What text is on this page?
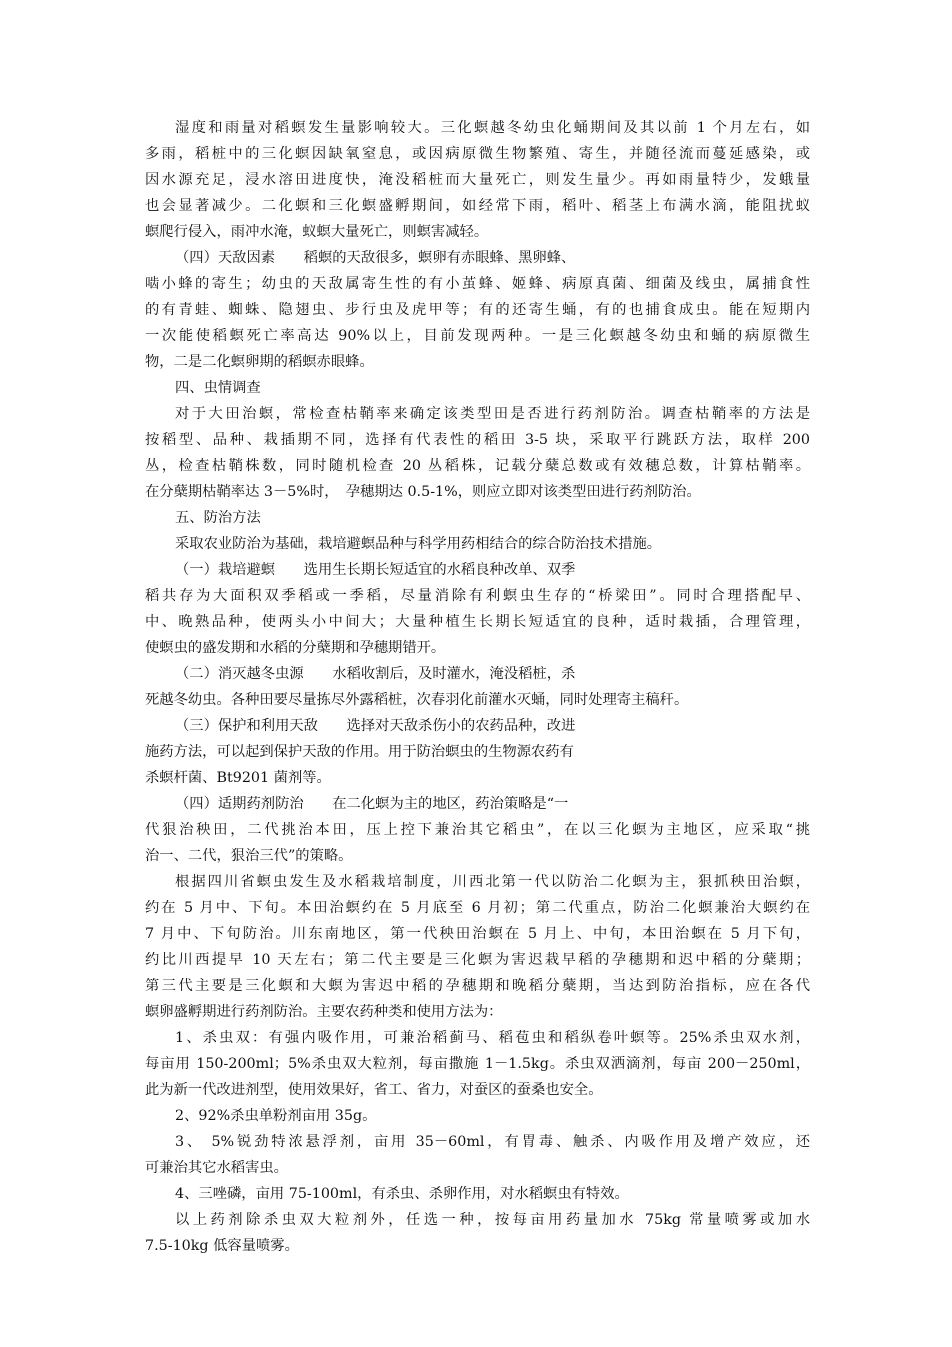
湿度和雨量对稻螟发生量影响较大。三化螟越冬幼虫化蛹期间及其以前 1 个月左右，如
多雨，稻桩中的三化螟因缺氧窒息，或因病原微生物繁殖、寄生，并随径流而蔓延感染，或
因水源充足，浸水溶田进度快，淹没稻桩而大量死亡，则发生量少。再如雨量特少，发蛾量
也会显著减少。二化螟和三化螟盛孵期间，如经常下雨，稻叶、稻茎上布满水滴，能阻扰蚁
螟爬行侵入，雨冲水淹，蚁螟大量死亡，则螟害减轻。
（四）天敌因素　　稻螟的天敌很多，螟卵有赤眼蜂、黑卵蜂、
啮小蜂的寄生；幼虫的天敌属寄生性的有小茧蜂、姬蜂、病原真菌、细菌及线虫，属捕食性
的有青蛙、蜘蛛、隐翅虫、步行虫及虎甲等；有的还寄生蛹，有的也捕食成虫。能在短期内
一次能使稻螟死亡率高达 90%以上，目前发现两种。一是三化螟越冬幼虫和蛹的病原微生
物，二是二化螟卵期的稻螟赤眼蜂。
四、虫情调查
对于大田治螟，常检查枯鞘率来确定该类型田是否进行药剂防治。调查枯鞘率的方法是
按稻型、品种、栽插期不同，选择有代表性的稻田 3-5 块，采取平行跳跃方法，取样 200
丛，检查枯鞘株数，同时随机检查 20 丛稻株，记载分蘖总数或有效穗总数，计算枯鞘率。
在分蘖期枯鞘率达 3－5%时，　孕穗期达 0.5-1%，则应立即对该类型田进行药剂防治。
五、防治方法
采取农业防治为基础，栽培避螟品种与科学用药相结合的综合防治技术措施。
（一）栽培避螟　　选用生长期长短适宜的水稻良种改单、双季
稻共存为大面积双季稻或一季稻，尽量消除有利螟虫生存的“桥梁田”。同时合理搭配早、
中、晚熟品种，使两头小中间大；大量种植生长期长短适宜的良种，适时栽插，合理管理，
使螟虫的盛发期和水稻的分蘖期和孕穗期错开。
（二）消灭越冬虫源　　水稻收割后，及时灌水，淹没稻桩，杀
死越冬幼虫。各种田要尽量拣尽外露稻桩，次春羽化前灌水灭蛹，同时处理寄主稿秆。
（三）保护和利用天敌　　选择对天敌杀伤小的农药品种，改进
施药方法，可以起到保护天敌的作用。用于防治螟虫的生物源农药有
杀螟杆菌、Bt9201 菌剂等。
（四）适期药剂防治　　在二化螟为主的地区，药治策略是“一
代狠治秧田，二代挑治本田，压上控下兼治其它稻虫”，在以三化螟为主地区，应采取“挑
治一、二代，狠治三代”的策略。
根据四川省螟虫发生及水稻栽培制度，川西北第一代以防治二化螟为主，狠抓秧田治螟，
约在 5 月中、下旬。本田治螟约在 5 月底至 6 月初；第二代重点，防治二化螟兼治大螟约在
7 月中、下旬防治。川东南地区，第一代秧田治螟在 5 月上、中旬，本田治螟在 5 月下旬，
约比川西提早 10 天左右；第二代主要是三化螟为害迟栽早稻的孕穗期和迟中稻的分蘖期；
第三代主要是三化螟和大螟为害迟中稻的孕穗期和晚稻分蘖期，当达到防治指标，应在各代
螟卵盛孵期进行药剂防治。主要农药种类和使用方法为：
1、杀虫双：有强内吸作用，可兼治稻蓟马、稻苞虫和稻纵卷叶螟等。25%杀虫双水剂，
每亩用 150-200ml；5%杀虫双大粒剂，每亩撒施 1－1.5kg。杀虫双洒滴剂，每亩 200－250ml，
此为新一代改进剂型，使用效果好，省工、省力，对蚕区的蚕桑也安全。
2、92%杀虫单粉剂亩用 35g。
3、 5%锐劲特浓悬浮剂，亩用 35－60ml，有胃毒、触杀、内吸作用及增产效应，还
可兼治其它水稻害虫。
4、三唑磷，亩用 75-100ml，有杀虫、杀卵作用，对水稻螟虫有特效。
以上药剂除杀虫双大粒剂外，任选一种，按每亩用药量加水 75kg 常量喷雾或加水
7.5-10kg 低容量喷雾。
